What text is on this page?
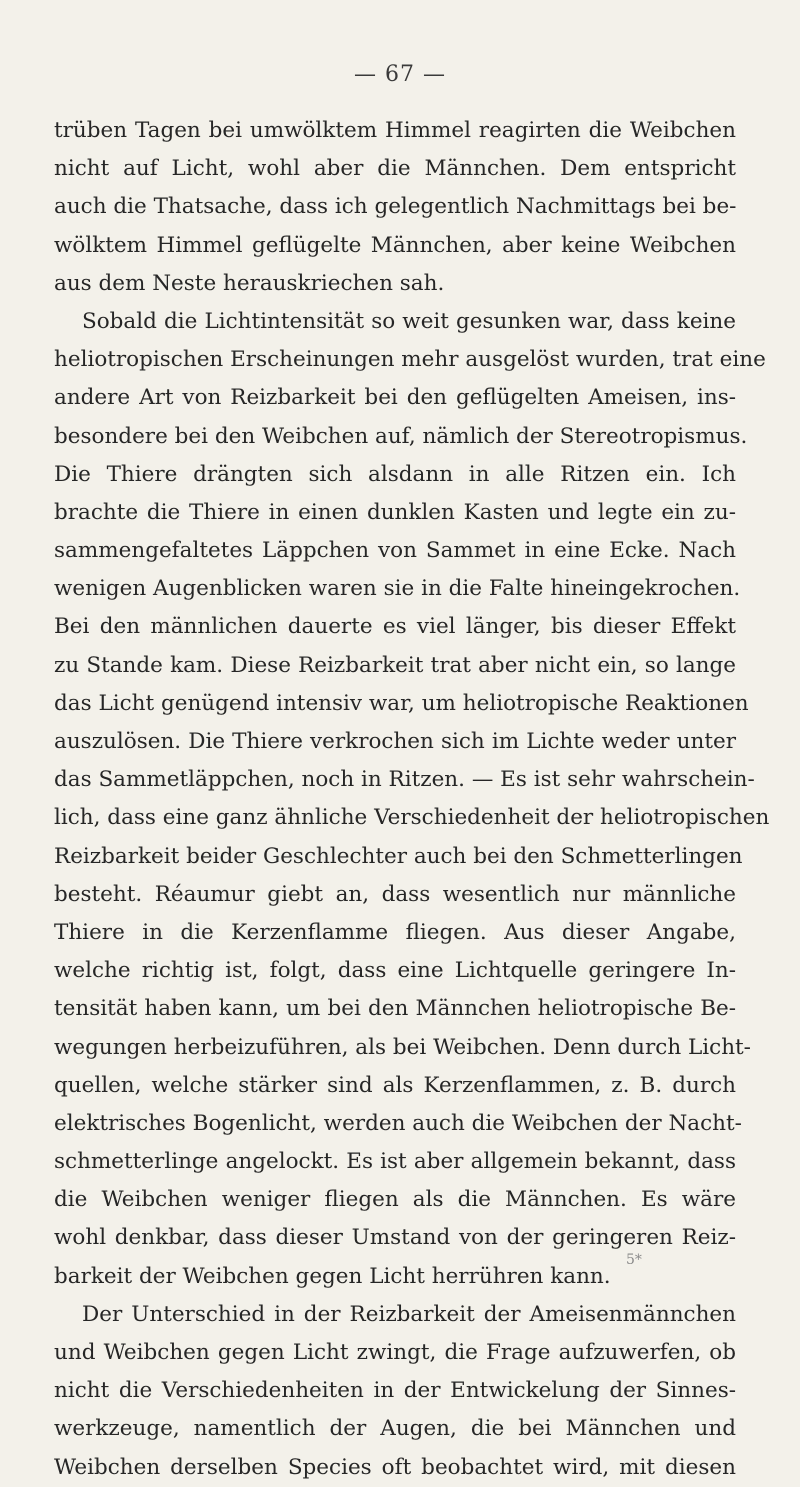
— 67 —
trüben Tagen bei umwölktem Himmel reagirten die Weibchen
nicht auf Licht, wohl aber die Männchen. Dem entspricht
auch die Thatsache, dass ich gelegentlich Nachmittags bei be-
wölktem Himmel geflügelte Männchen, aber keine Weibchen
aus dem Neste herauskriechen sah.
Sobald die Lichtintensität so weit gesunken war, dass keine
heliotropischen Erscheinungen mehr ausgelöst wurden, trat eine
andere Art von Reizbarkeit bei den geflügelten Ameisen, ins-
besondere bei den Weibchen auf, nämlich der Stereotropismus.
Die Thiere drängten sich alsdann in alle Ritzen ein. Ich
brachte die Thiere in einen dunklen Kasten und legte ein zu-
sammengefaltetes Läppchen von Sammet in eine Ecke. Nach
wenigen Augenblicken waren sie in die Falte hineingekrochen.
Bei den männlichen dauerte es viel länger, bis dieser Effekt
zu Stande kam. Diese Reizbarkeit trat aber nicht ein, so lange
das Licht genügend intensiv war, um heliotropische Reaktionen
auszulösen. Die Thiere verkrochen sich im Lichte weder unter
das Sammetläppchen, noch in Ritzen. — Es ist sehr wahrschein-
lich, dass eine ganz ähnliche Verschiedenheit der heliotropischen
Reizbarkeit beider Geschlechter auch bei den Schmetterlingen
besteht. Réaumur giebt an, dass wesentlich nur männliche
Thiere in die Kerzenflamme fliegen. Aus dieser Angabe,
welche richtig ist, folgt, dass eine Lichtquelle geringere In-
tensität haben kann, um bei den Männchen heliotropische Be-
wegungen herbeizuführen, als bei Weibchen. Denn durch Licht-
quellen, welche stärker sind als Kerzenflammen, z. B. durch
elektrisches Bogenlicht, werden auch die Weibchen der Nacht-
schmetterlinge angelockt. Es ist aber allgemein bekannt, dass
die Weibchen weniger fliegen als die Männchen. Es wäre
wohl denkbar, dass dieser Umstand von der geringeren Reiz-
barkeit der Weibchen gegen Licht herrühren kann.
Der Unterschied in der Reizbarkeit der Ameisenmännchen
und Weibchen gegen Licht zwingt, die Frage aufzuwerfen, ob
nicht die Verschiedenheiten in der Entwickelung der Sinnes-
werkzeuge, namentlich der Augen, die bei Männchen und
Weibchen derselben Species oft beobachtet wird, mit diesen
5*
